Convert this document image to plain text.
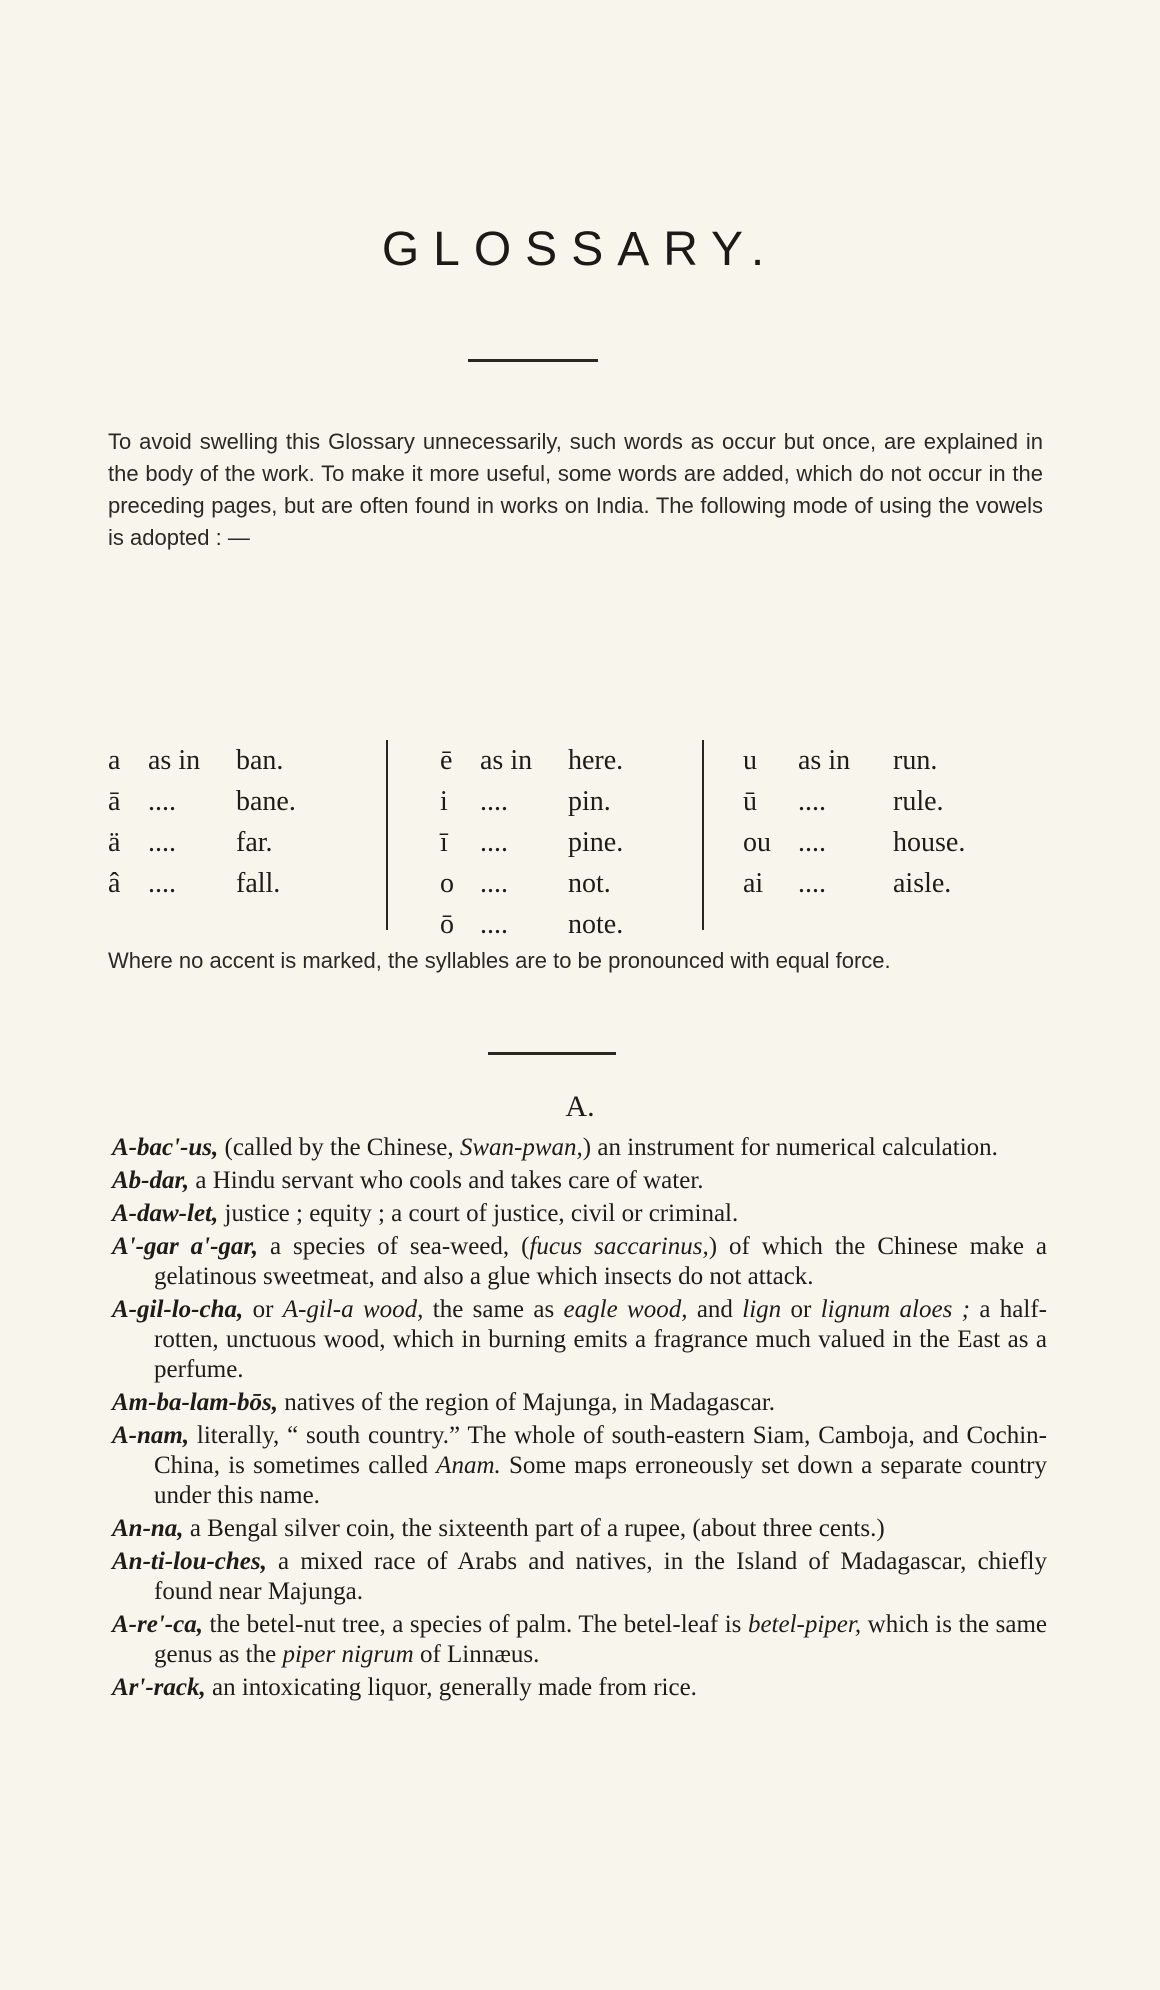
GLOSSARY.

To avoid swelling this Glossary unnecessarily, such words as occur but once, are explained in the body of the work. To make it more useful, some words are added, which do not occur in the preceding pages, but are often found in works on India. The following mode of using the vowels is adopted : —

a as in ban.
ā .... bane.
ä .... far.
â .... fall.
ē as in here.
i .... pin.
ī .... pine.
o .... not.
ō .... note.
u as in run.
ū .... rule.
ou .... house.
ai .... aisle.
Where no accent is marked, the syllables are to be pronounced with equal force.
A.

A-bac'-us, (called by the Chinese, Swan-pwan,) an instrument for numerical calculation.

Ab-dar, a Hindu servant who cools and takes care of water.

A-daw-let, justice ; equity ; a court of justice, civil or criminal.

A'-gar a'-gar, a species of sea-weed, (fucus saccarinus,) of which the Chinese make a gelatinous sweetmeat, and also a glue which insects do not attack.

A-gil-lo-cha, or A-gil-a wood, the same as eagle wood, and lign or lignum aloes ; a half-rotten, unctuous wood, which in burning emits a fragrance much valued in the East as a perfume.

Am-ba-lam-bōs, natives of the region of Majunga, in Madagascar.

A-nam, literally, “ south country.” The whole of south-eastern Siam, Camboja, and Cochin-China, is sometimes called Anam. Some maps erroneously set down a separate country under this name.

An-na, a Bengal silver coin, the sixteenth part of a rupee, (about three cents.)

An-ti-lou-ches, a mixed race of Arabs and natives, in the Island of Madagascar, chiefly found near Majunga.

A-re'-ca, the betel-nut tree, a species of palm. The betel-leaf is betel-piper, which is the same genus as the piper nigrum of Linnæus.

Ar'-rack, an intoxicating liquor, generally made from rice.
